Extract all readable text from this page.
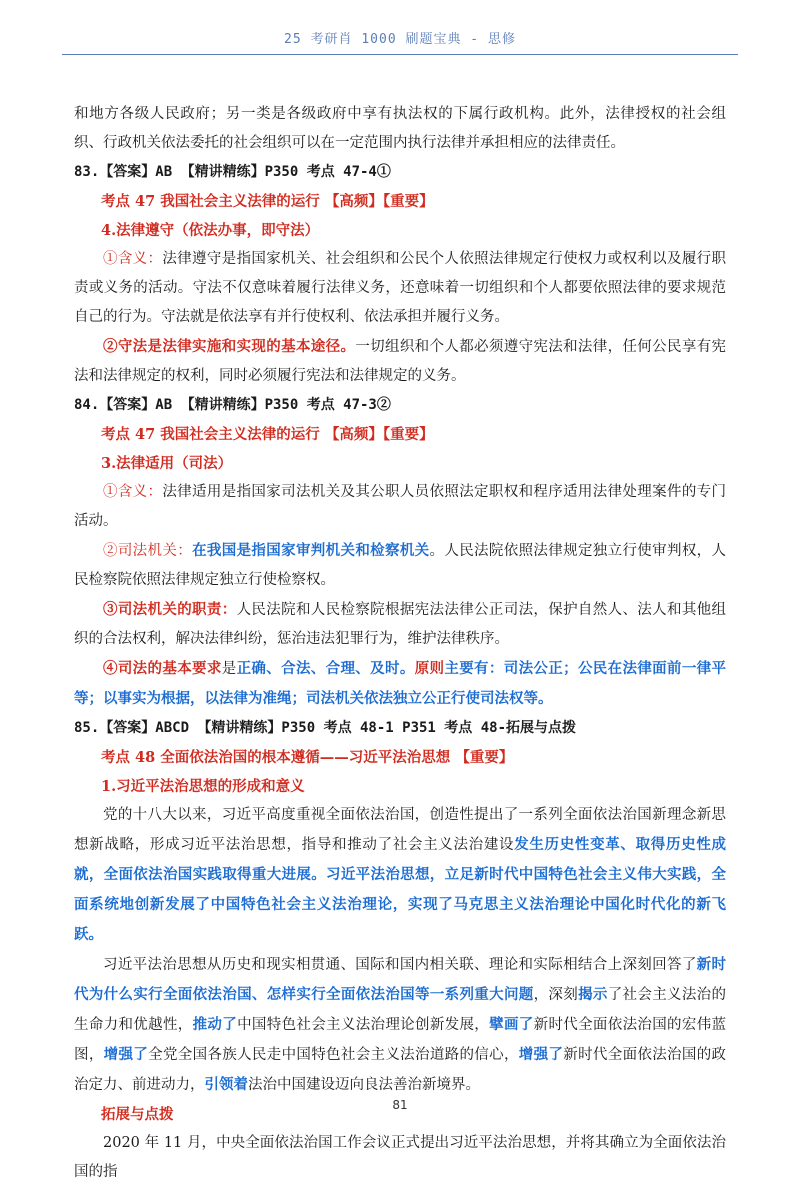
25 考研肖 1000 刷题宝典 - 思修

和地方各级人民政府；另一类是各级政府中享有执法权的下属行政机构。此外，法律授权的社会组织、行政机关依法委托的社会组织可以在一定范围内执行法律并承担相应的法律责任。

83.【答案】AB 【精讲精练】P350 考点 47-4①

考点 47 我国社会主义法律的运行 【高频】【重要】

4.法律遵守（依法办事，即守法）

①含义：法律遵守是指国家机关、社会组织和公民个人依照法律规定行使权力或权利以及履行职责或义务的活动。守法不仅意味着履行法律义务，还意味着一切组织和个人都要依照法律的要求规范自己的行为。守法就是依法享有并行使权利、依法承担并履行义务。

②守法是法律实施和实现的基本途径。一切组织和个人都必须遵守宪法和法律，任何公民享有宪法和法律规定的权利，同时必须履行宪法和法律规定的义务。

84.【答案】AB 【精讲精练】P350 考点 47-3②

考点 47 我国社会主义法律的运行 【高频】【重要】

3.法律适用（司法）

①含义：法律适用是指国家司法机关及其公职人员依照法定职权和程序适用法律处理案件的专门活动。

②司法机关：在我国是指国家审判机关和检察机关。人民法院依照法律规定独立行使审判权，人民检察院依照法律规定独立行使检察权。

③司法机关的职责：人民法院和人民检察院根据宪法法律公正司法，保护自然人、法人和其他组织的合法权利，解决法律纠纷，惩治违法犯罪行为，维护法律秩序。

④司法的基本要求是正确、合法、合理、及时。原则主要有：司法公正；公民在法律面前一律平等；以事实为根据，以法律为准绳；司法机关依法独立公正行使司法权等。

85.【答案】ABCD 【精讲精练】P350 考点 48-1 P351 考点 48-拓展与点拨

考点 48 全面依法治国的根本遵循——习近平法治思想 【重要】

1.习近平法治思想的形成和意义

党的十八大以来，习近平高度重视全面依法治国，创造性提出了一系列全面依法治国新理念新思想新战略，形成习近平法治思想，指导和推动了社会主义法治建设发生历史性变革、取得历史性成就，全面依法治国实践取得重大进展。习近平法治思想，立足新时代中国特色社会主义伟大实践，全面系统地创新发展了中国特色社会主义法治理论，实现了马克思主义法治理论中国化时代化的新飞跃。

习近平法治思想从历史和现实相贯通、国际和国内相关联、理论和实际相结合上深刻回答了新时代为什么实行全面依法治国、怎样实行全面依法治国等一系列重大问题，深刻揭示了社会主义法治的生命力和优越性，推动了中国特色社会主义法治理论创新发展，擘画了新时代全面依法治国的宏伟蓝图，增强了全党全国各族人民走中国特色社会主义法治道路的信心，增强了新时代全面依法治国的政治定力、前进动力，引领着法治中国建设迈向良法善治新境界。

拓展与点拨

2020 年 11 月，中央全面依法治国工作会议正式提出习近平法治思想，并将其确立为全面依法治国的指

81
